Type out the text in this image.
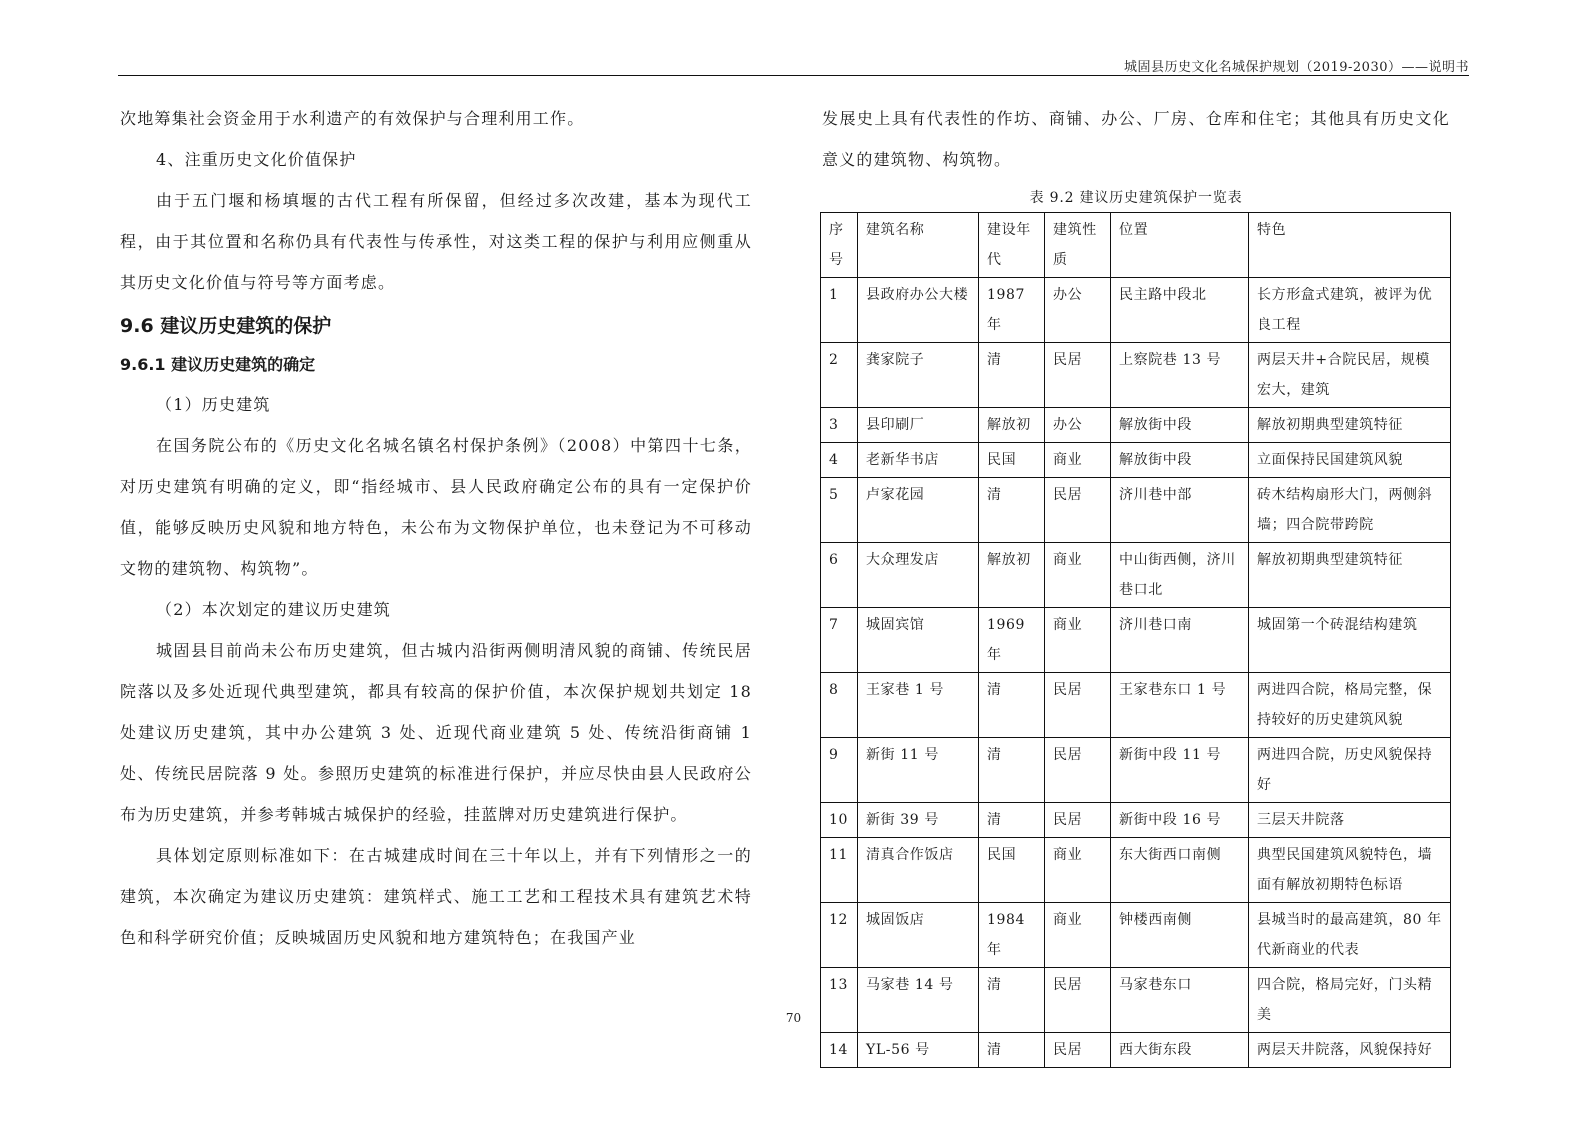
城固县历史文化名城保护规划（2019-2030）——说明书

次地筹集社会资金用于水利遗产的有效保护与合理利用工作。

4、注重历史文化价值保护

由于五门堰和杨填堰的古代工程有所保留，但经过多次改建，基本为现代工程，由于其位置和名称仍具有代表性与传承性，对这类工程的保护与利用应侧重从其历史文化价值与符号等方面考虑。

9.6 建议历史建筑的保护
9.6.1 建议历史建筑的确定

（1）历史建筑

在国务院公布的《历史文化名城名镇名村保护条例》（2008）中第四十七条，对历史建筑有明确的定义，即“指经城市、县人民政府确定公布的具有一定保护价值，能够反映历史风貌和地方特色，未公布为文物保护单位，也未登记为不可移动文物的建筑物、构筑物”。

（2）本次划定的建议历史建筑

城固县目前尚未公布历史建筑，但古城内沿街两侧明清风貌的商铺、传统民居院落以及多处近现代典型建筑，都具有较高的保护价值，本次保护规划共划定 18 处建议历史建筑，其中办公建筑 3 处、近现代商业建筑 5 处、传统沿街商铺 1 处、传统民居院落 9 处。参照历史建筑的标准进行保护，并应尽快由县人民政府公布为历史建筑，并参考韩城古城保护的经验，挂蓝牌对历史建筑进行保护。

具体划定原则标准如下：在古城建成时间在三十年以上，并有下列情形之一的建筑，本次确定为建议历史建筑：建筑样式、施工工艺和工程技术具有建筑艺术特色和科学研究价值；反映城固历史风貌和地方建筑特色；在我国产业

发展史上具有代表性的作坊、商铺、办公、厂房、仓库和住宅；其他具有历史文化意义的建筑物、构筑物。

表 9.2 建议历史建筑保护一览表
序号	建筑名称	建设年代	建筑性质	位置	特色
1	县政府办公大楼	1987 年	办公	民主路中段北	长方形盒式建筑，被评为优良工程
2	龚家院子	清	民居	上察院巷 13 号	两层天井+合院民居，规模宏大，建筑
3	县印刷厂	解放初	办公	解放街中段	解放初期典型建筑特征
4	老新华书店	民国	商业	解放街中段	立面保持民国建筑风貌
5	卢家花园	清	民居	济川巷中部	砖木结构扇形大门，两侧斜墙；四合院带跨院
6	大众理发店	解放初	商业	中山街西侧，济川巷口北	解放初期典型建筑特征
7	城固宾馆	1969 年	商业	济川巷口南	城固第一个砖混结构建筑
8	王家巷 1 号	清	民居	王家巷东口 1 号	两进四合院，格局完整，保持较好的历史建筑风貌
9	新街 11 号	清	民居	新街中段 11 号	两进四合院，历史风貌保持好
10	新街 39 号	清	民居	新街中段 16 号	三层天井院落
11	清真合作饭店	民国	商业	东大街西口南侧	典型民国建筑风貌特色，墙面有解放初期特色标语
12	城固饭店	1984 年	商业	钟楼西南侧	县城当时的最高建筑，80 年代新商业的代表
13	马家巷 14 号	清	民居	马家巷东口	四合院，格局完好，门头精美
14	YL-56 号	清	民居	西大街东段	两层天井院落，风貌保持好
70
